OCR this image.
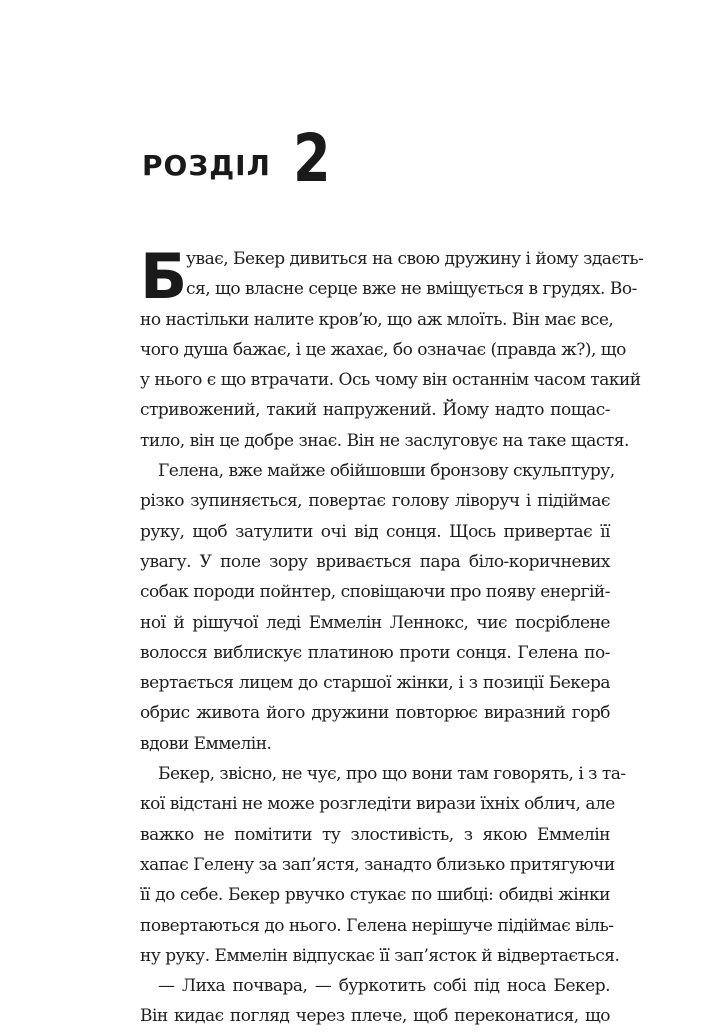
РОЗДІЛ 2
Б
уває, Бекер дивиться на свою дружину і йому здаєть-
ся, що власне серце вже не вміщується в грудях. Во-
но настільки налите кров’ю, що аж млоїть. Він має все,
чого душа бажає, і це жахає, бо означає (правда ж?), що
у нього є що втрачати. Ось чому він останнім часом такий
стривожений, такий напружений. Йому надто пощас-
тило, він це добре знає. Він не заслуговує на таке щастя.
Гелена, вже майже обійшовши бронзову скульптуру,
різко зупиняється, повертає голову ліворуч і підіймає
руку, щоб затулити очі від сонця. Щось привертає її
увагу. У поле зору вривається пара біло-коричневих
собак породи пойнтер, сповіщаючи про появу енергій-
ної й рішучої леді Еммелін Леннокс, чиє посріблене
волосся виблискує платиною проти сонця. Гелена по-
вертається лицем до старшої жінки, і з позиції Бекера
обрис живота його дружини повторює виразний горб
вдови Еммелін.
Бекер, звісно, не чує, про що вони там говорять, і з та-
кої відстані не може розгледіти вирази їхніх облич, але
важко не помітити ту злостивість, з якою Еммелін
хапає Гелену за зап’ястя, занадто близько притягуючи
її до себе. Бекер рвучко стукає по шибці: обидві жінки
повертаються до нього. Гелена нерішуче підіймає віль-
ну руку. Еммелін відпускає її зап’ясток й відвертається.
— Лиха почвара, — буркотить собі під носа Бекер.
Він кидає погляд через плече, щоб переконатися, що
